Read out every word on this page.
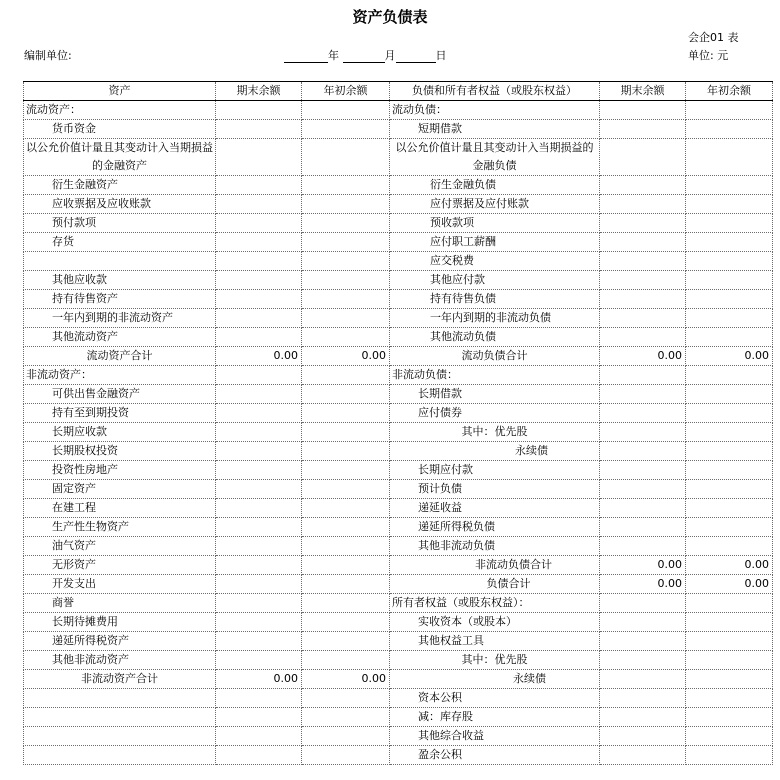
资产负债表
会企01 表
编制单位:	年	月	日	单位: 元
资产	期末余额	年初余额	负债和所有者权益（或股东权益）	期末余额	年初余额
流动资产：			流动负债：		
货币资金			短期借款		
以公允价值计量且其变动计入当期损益的金融资产			以公允价值计量且其变动计入当期损益的金融负债		
衍生金融资产			衍生金融负债		
应收票据及应收账款			应付票据及应付账款		
预付款项			预收款项		
存货			应付职工薪酬		
			应交税费		
其他应收款			其他应付款		
持有待售资产			持有待售负债		
一年内到期的非流动资产			一年内到期的非流动负债		
其他流动资产			其他流动负债		
流动资产合计	0.00	0.00	流动负债合计	0.00	0.00
非流动资产：			非流动负债：		
可供出售金融资产			长期借款		
持有至到期投资			应付债券		
长期应收款			其中：优先股		
长期股权投资			永续债		
投资性房地产			长期应付款		
固定资产			预计负债		
在建工程			递延收益		
生产性生物资产			递延所得税负债		
油气资产			其他非流动负债		
无形资产			非流动负债合计	0.00	0.00
开发支出			负债合计	0.00	0.00
商誉			所有者权益（或股东权益）：		
长期待摊费用			实收资本（或股本）		
递延所得税资产			其他权益工具		
其他非流动资产			其中：优先股		
非流动资产合计	0.00	0.00	永续债		
			资本公积		
			减：库存股		
			其他综合收益		
			盈余公积		
